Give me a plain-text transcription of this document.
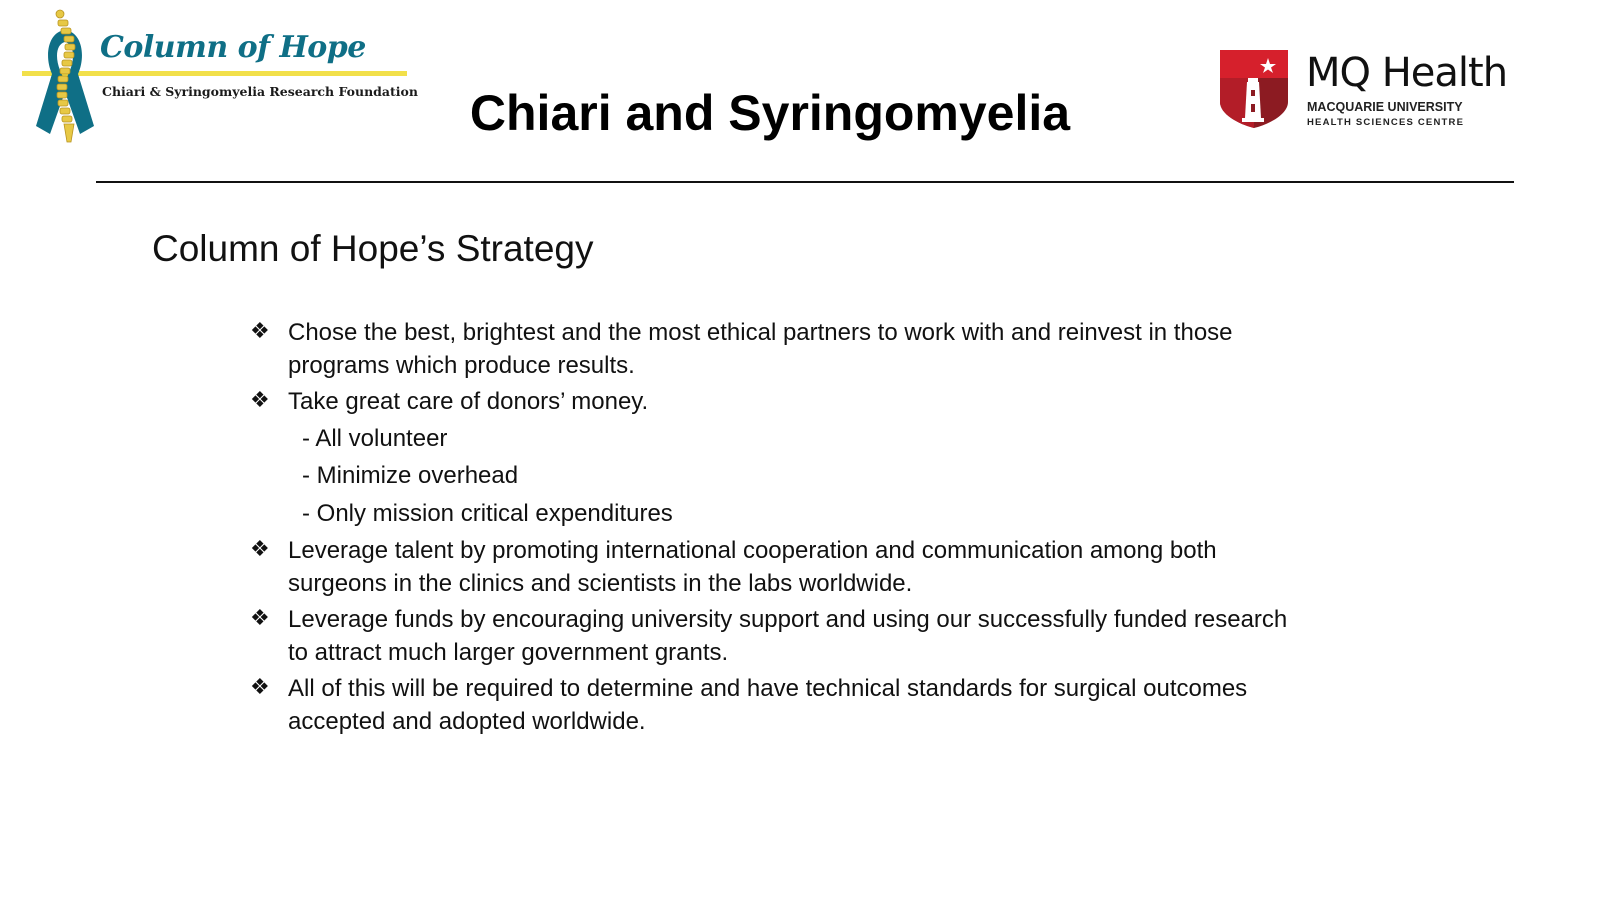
Column of Hope
Chiari & Syringomyelia Research Foundation	Chiari and Syringomyelia
MQ Health
MACQUARIE UNIVERSITY
HEALTH SCIENCES CENTRE
Column of Hope’s Strategy
❖ Chose the best, brightest and the most ethical partners to work with and reinvest in those programs which produce results.
❖ Take great care of donors’ money.
- All volunteer
- Minimize overhead
- Only mission critical expenditures
❖ Leverage talent by promoting international cooperation and communication among both surgeons in the clinics and scientists in the labs worldwide.
❖ Leverage funds by encouraging university support and using our successfully funded research to attract much larger government grants.
❖ All of this will be required to determine and have technical standards for surgical outcomes accepted and adopted worldwide.
